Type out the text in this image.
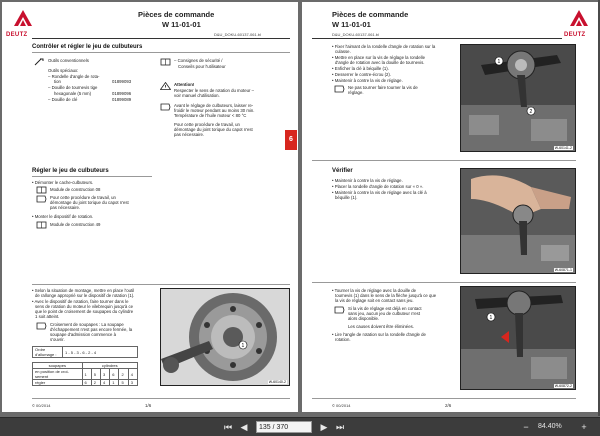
DEUTZ
Pièces de commande
W 11-01-01
D&U_DOKU-60137-061.bl
Contrôler et régler le jeu de culbuteurs
Outils conventionnels
Outils spéciaux:
– Rondelle d'angle de rota-
tion	01899093
– Douille de tournevis tige
hexagonale (5 mm)	01899096
– Douille de clé	01899089
– Consignes de sécurité /
Conseils pour l'utilisateur
Attention!
Respecter le sens de rotation du moteur –
voir manuel d'utilisation.
Avant le réglage de culbuteurs, laisser re-
froidir le moteur pendant au moins 30 min.
Température de l'huile moteur < 80 °C
Pour cette procédure de travail, un
démontage du joint torique du capot n'est
pas nécessaire.
Régler le jeu de culbuteurs
• Démonter le cache-culbuteurs.
Module de construction 08
Pour cette procédure de travail, un
démontage du joint torique du capot n'est
pas nécessaire.
• Monter le dispositif de rotation.
Module de construction 49
• Selon la situation de montage, mettre en place l'outil
de rallonge approprié sur le dispositif de rotation (1).
• Avec le dispositif de rotation, faire tourner dans le
sens de rotation du moteur le vilebrequin jusqu'à ce
que le point de croisement de soupapes du cylindre
1 soit atteint.
Croisement de soupapes : La soupape
d'échappement n'est pas encore fermée, la
soupape d'admission commence à
s'ouvrir.
Ordre
d'allumage :	1 - 5 - 3 - 6 - 2 - 4
soupapes	cylindres					
en position de croi-
sement	1	5	3	6	2	4
régler	6	2	4	1	5	3
1
W-60140-2
© 00/2014	1/6
6
Pièces de commande
W 11-01-01
D&U_DOKU-60137-061.bl	DEUTZ
• Fixer l'aimant de la rondelle d'angle de rotation sur la
culasse.
• Mettre en place sur la vis de réglage la rondelle
d'angle de rotation avec la douille de tournevis.
• Enficher la clé à béquille (1).
• Desserrer le contre-écrou (2).
• Maintenir à contre la vis de réglage.
Ne pas tourner faire tourner la vis de
réglage.
1
2
W-60141-2
Vérifier
• Maintenir à contre la vis de réglage.
• Placer la rondelle d'angle de rotation sur « 0 ».
• Maintenir à contre la vis de réglage avec la clé à
béquille (1).
W-60871-1
• Tourner la vis de réglage avec la douille de
tournevis (1) dans le sens de la flèche jusqu'à ce que
la vis de réglage soit en contact sans jeu.
Si la vis de réglage est déjà en contact
sans jeu, aucun jeu de culbuteur n'est
alors disponible.
Les causes doivent être éliminées.
• Lire l'angle de rotation sur la rondelle d'angle de
rotation.
1
W-60872-2
© 00/2014	2/6
⏮ ◀
135 / 370	▶ ⏭	−	84.40%	+
